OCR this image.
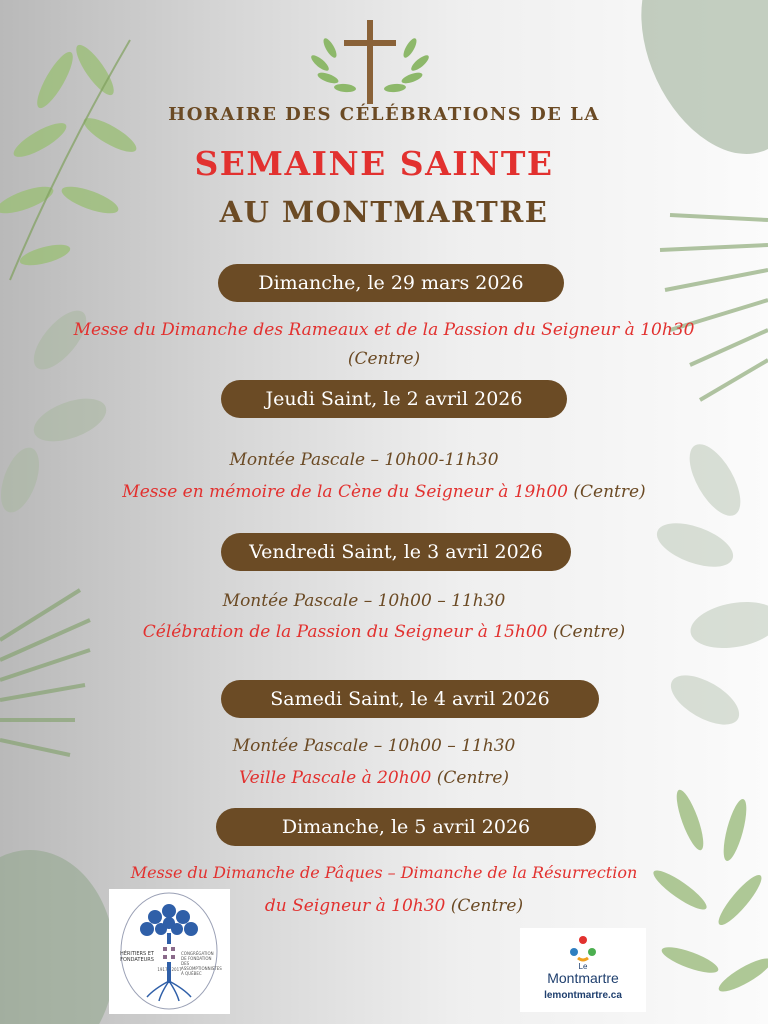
HORAIRE DES CÉLÉBRATIONS DE LA
SEMAINE SAINTE
AU MONTMARTRE
Dimanche, le 29 mars 2026
Messe du Dimanche des Rameaux et de la Passion du Seigneur à 10h30
(Centre)
Jeudi Saint, le 2 avril 2026
Montée Pascale – 10h00-11h30
Messe en mémoire de la Cène du Seigneur à 19h00 (Centre)
Vendredi Saint, le 3 avril 2026
Montée Pascale – 10h00 – 11h30
Célébration de la Passion du Seigneur à 15h00 (Centre)
Samedi Saint, le 4 avril 2026
Montée Pascale – 10h00 – 11h30
Veille Pascale à 20h00 (Centre)
Dimanche, le 5 avril 2026
Messe du Dimanche de Pâques – Dimanche de la Résurrection
du Seigneur à 10h30 (Centre)
HÉRITIERS ET FONDATEURS
CONGRÉGATION DE FONDATION DES ASSOMPTIONNISTES À QUÉBEC
1917 - 2017	Le
Montmartre
lemontmartre.ca
